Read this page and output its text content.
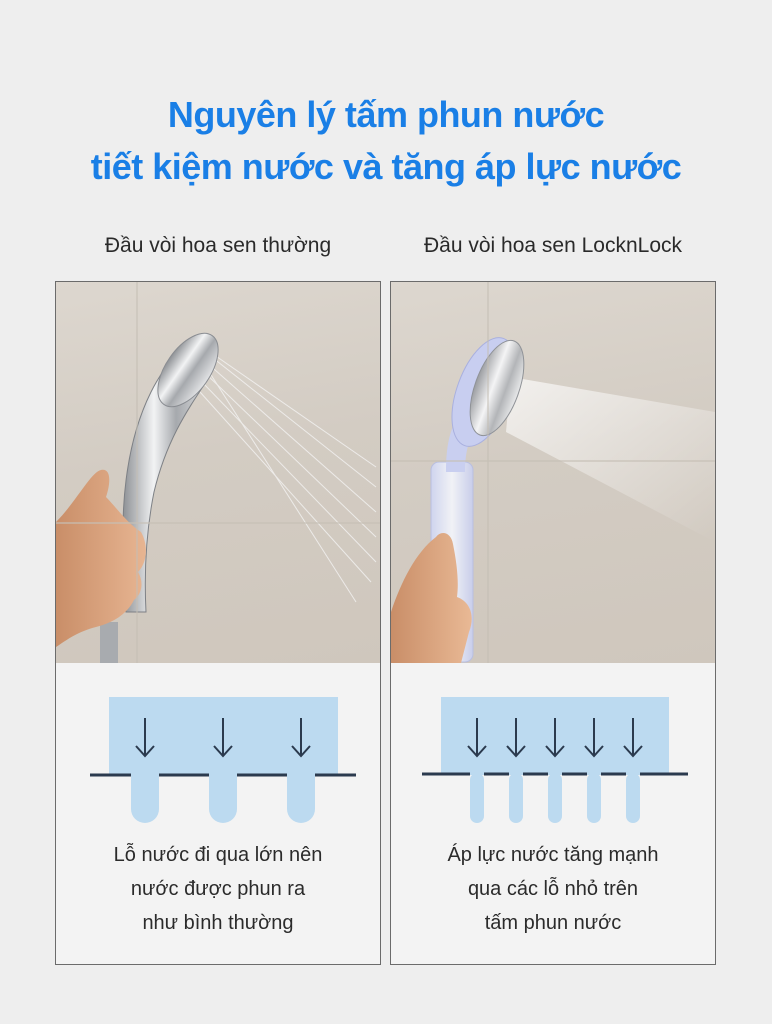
Nguyên lý tấm phun nước
tiết kiệm nước và tăng áp lực nước
Đầu vòi hoa sen thường	Đầu vòi hoa sen LocknLock
Lỗ nước đi qua lớn nên
nước được phun ra
như bình thường
Áp lực nước tăng mạnh
qua các lỗ nhỏ trên
tấm phun nước
